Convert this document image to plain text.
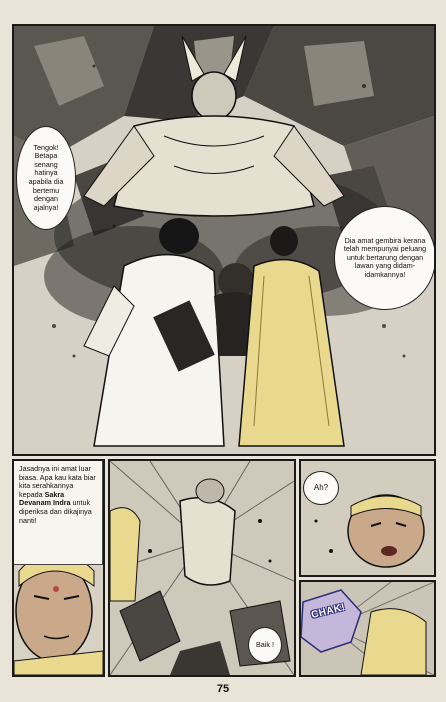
Tengok! Betapa senang hatinya apabila dia bertemu dengan ajalnya!
Dia amat gembira kerana telah mempunyai peluang untuk bertarung dengan lawan yang didam-idamkannya!
Jasadnya ini amat luar biasa. Apa kau kata biar kita serahkannya kepada Sakra Devanam Indra untuk diperiksa dan dikajinya nanti!
Baik !
Ah?
CHAK!
75
